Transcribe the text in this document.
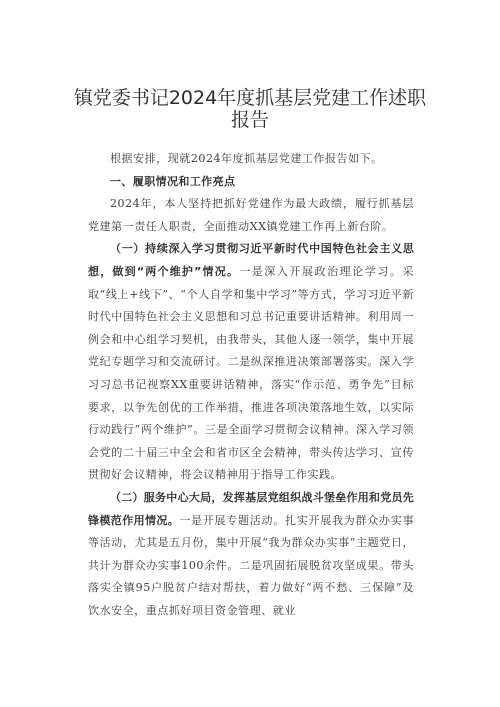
镇党委书记2024年度抓基层党建工作述职报告

根据安排，现就2024年度抓基层党建工作报告如下。

一、履职情况和工作亮点

2024年，本人坚持把抓好党建作为最大政绩，履行抓基层党建第一责任人职责，全面推动XX镇党建工作再上新台阶。

（一）持续深入学习贯彻习近平新时代中国特色社会主义思想，做到“两个维护”情况。一是深入开展政治理论学习。采取“线上+线下”、“个人自学和集中学习”等方式，学习习近平新时代中国特色社会主义思想和习总书记重要讲话精神。利用周一例会和中心组学习契机，由我带头，其他人逐一领学，集中开展党纪专题学习和交流研讨。二是纵深推进决策部署落实。深入学习习总书记视察XX重要讲话精神，落实“作示范、勇争先”目标要求，以争先创优的工作举措，推进各项决策落地生效，以实际行动践行“两个维护”。三是全面学习贯彻会议精神。深入学习领会党的二十届三中全会和省市区全会精神，带头传达学习、宣传贯彻好会议精神，将会议精神用于指导工作实践。

（二）服务中心大局，发挥基层党组织战斗堡垒作用和党员先锋模范作用情况。一是开展专题活动。扎实开展我为群众办实事等活动，尤其是五月份，集中开展“我为群众办实事”主题党日，共计为群众办实事100余件。二是巩固拓展脱贫攻坚成果。带头落实全镇95户脱贫户结对帮扶，着力做好“两不愁、三保障”及饮水安全，重点抓好项目资金管理、就业
